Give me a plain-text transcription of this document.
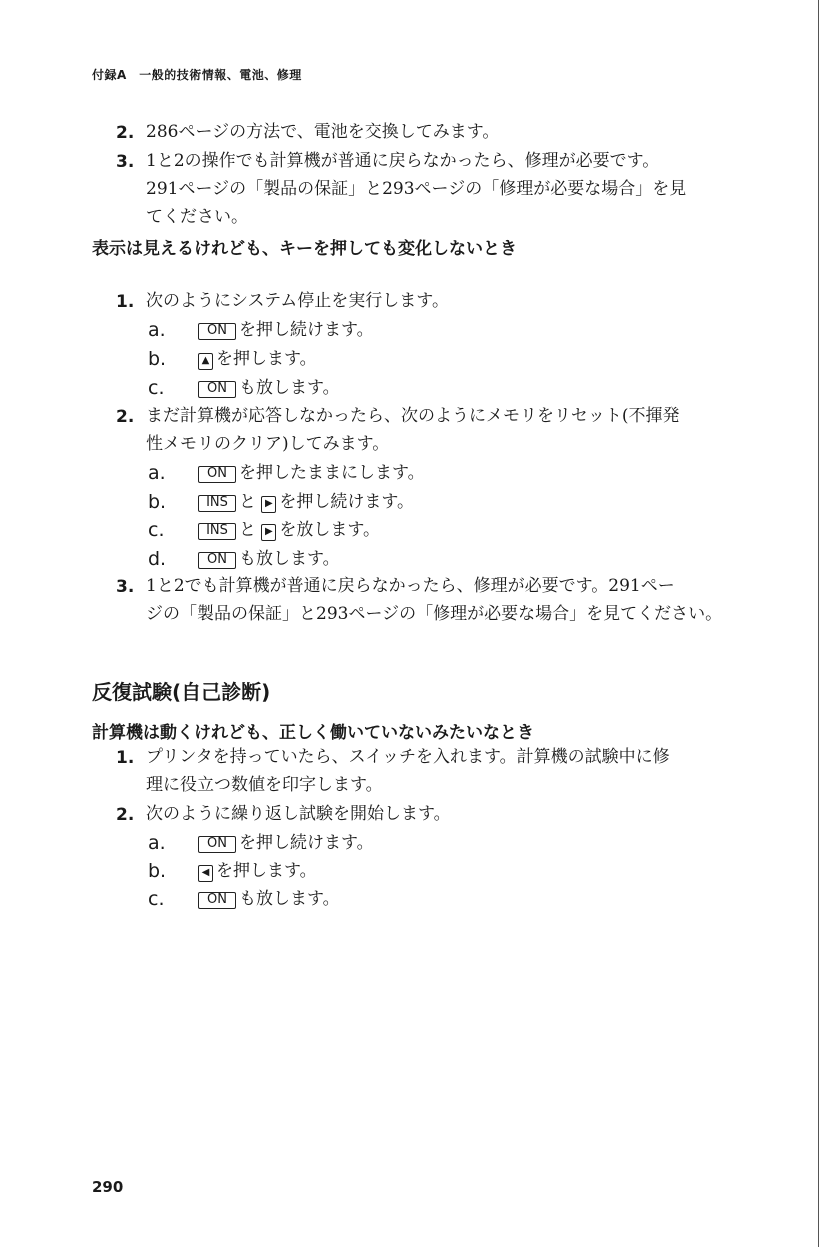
付録A　一般的技術情報、電池、修理
2. 286ページの方法で、電池を交換してみます。
3. 1と2の操作でも計算機が普通に戻らなかったら、修理が必要です。
291ページの「製品の保証」と293ページの「修理が必要な場合」を見
てください。
表示は見えるけれども、キーを押しても変化しないとき
1. 次のようにシステム停止を実行します。
a.	ON を押し続けます。
b.	▲ を押します。
c.	ON も放します。
2. まだ計算機が応答しなかったら、次のようにメモリをリセット(不揮発
性メモリのクリア)してみます。
a.	ON を押したままにします。
b.	INS と ▶ を押し続けます。
c.	INS と ▶ を放します。
d.	ON も放します。
3. 1と2でも計算機が普通に戻らなかったら、修理が必要です。291ペー
ジの「製品の保証」と293ページの「修理が必要な場合」を見てください。
反復試験(自己診断)
計算機は動くけれども、正しく働いていないみたいなとき
1. プリンタを持っていたら、スイッチを入れます。計算機の試験中に修
理に役立つ数値を印字します。
2. 次のように繰り返し試験を開始します。
a.	ON を押し続けます。
b.	◀ を押します。
c.	ON も放します。
290
